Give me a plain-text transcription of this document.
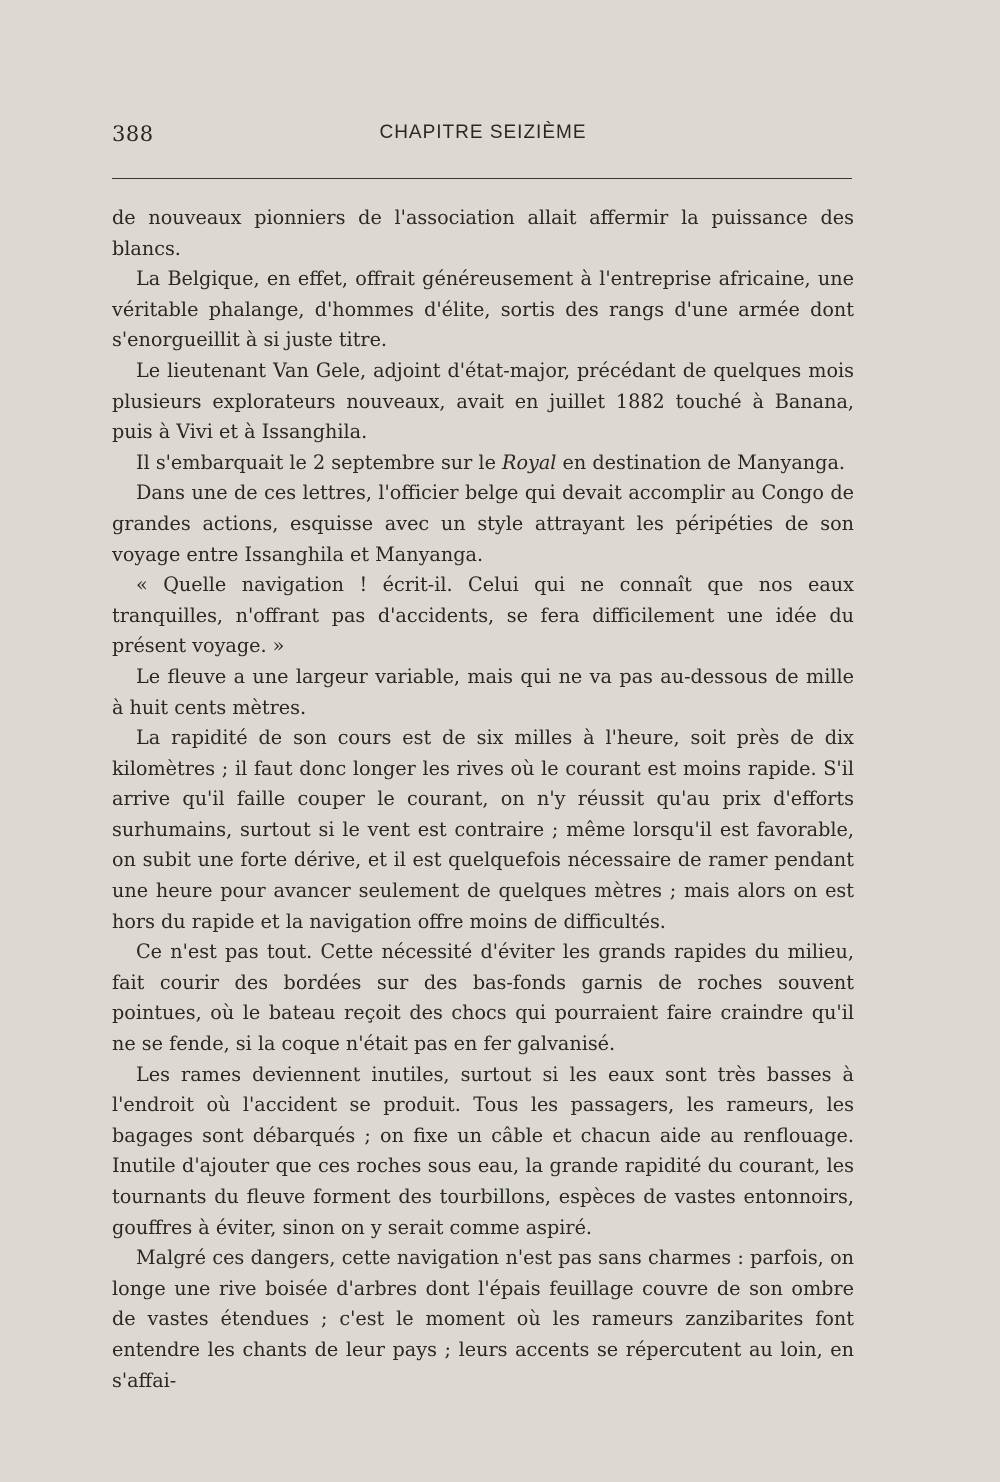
388	CHAPITRE SEIZIÈME

de nouveaux pionniers de l'association allait affermir la puissance des blancs.

La Belgique, en effet, offrait généreusement à l'entreprise africaine, une véritable phalange, d'hommes d'élite, sortis des rangs d'une armée dont s'enorgueillit à si juste titre.

Le lieutenant Van Gele, adjoint d'état-major, précédant de quelques mois plusieurs explorateurs nouveaux, avait en juillet 1882 touché à Banana, puis à Vivi et à Issanghila.

Il s'embarquait le 2 septembre sur le Royal en destination de Manyanga.

Dans une de ces lettres, l'officier belge qui devait accomplir au Congo de grandes actions, esquisse avec un style attrayant les péripéties de son voyage entre Issanghila et Manyanga.

« Quelle navigation ! écrit-il. Celui qui ne connaît que nos eaux tranquilles, n'offrant pas d'accidents, se fera difficilement une idée du présent voyage. »

Le fleuve a une largeur variable, mais qui ne va pas au-dessous de mille à huit cents mètres.

La rapidité de son cours est de six milles à l'heure, soit près de dix kilomètres ; il faut donc longer les rives où le courant est moins rapide. S'il arrive qu'il faille couper le courant, on n'y réussit qu'au prix d'efforts surhumains, surtout si le vent est contraire ; même lorsqu'il est favorable, on subit une forte dérive, et il est quelquefois nécessaire de ramer pendant une heure pour avancer seulement de quelques mètres ; mais alors on est hors du rapide et la navigation offre moins de difficultés.

Ce n'est pas tout. Cette nécessité d'éviter les grands rapides du milieu, fait courir des bordées sur des bas-fonds garnis de roches souvent pointues, où le bateau reçoit des chocs qui pourraient faire craindre qu'il ne se fende, si la coque n'était pas en fer galvanisé.

Les rames deviennent inutiles, surtout si les eaux sont très basses à l'endroit où l'accident se produit. Tous les passagers, les rameurs, les bagages sont débarqués ; on fixe un câble et chacun aide au renflouage. Inutile d'ajouter que ces roches sous eau, la grande rapidité du courant, les tournants du fleuve forment des tourbillons, espèces de vastes entonnoirs, gouffres à éviter, sinon on y serait comme aspiré.

Malgré ces dangers, cette navigation n'est pas sans charmes : parfois, on longe une rive boisée d'arbres dont l'épais feuillage couvre de son ombre de vastes étendues ; c'est le moment où les rameurs zanzibarites font entendre les chants de leur pays ; leurs accents se répercutent au loin, en s'affai-
